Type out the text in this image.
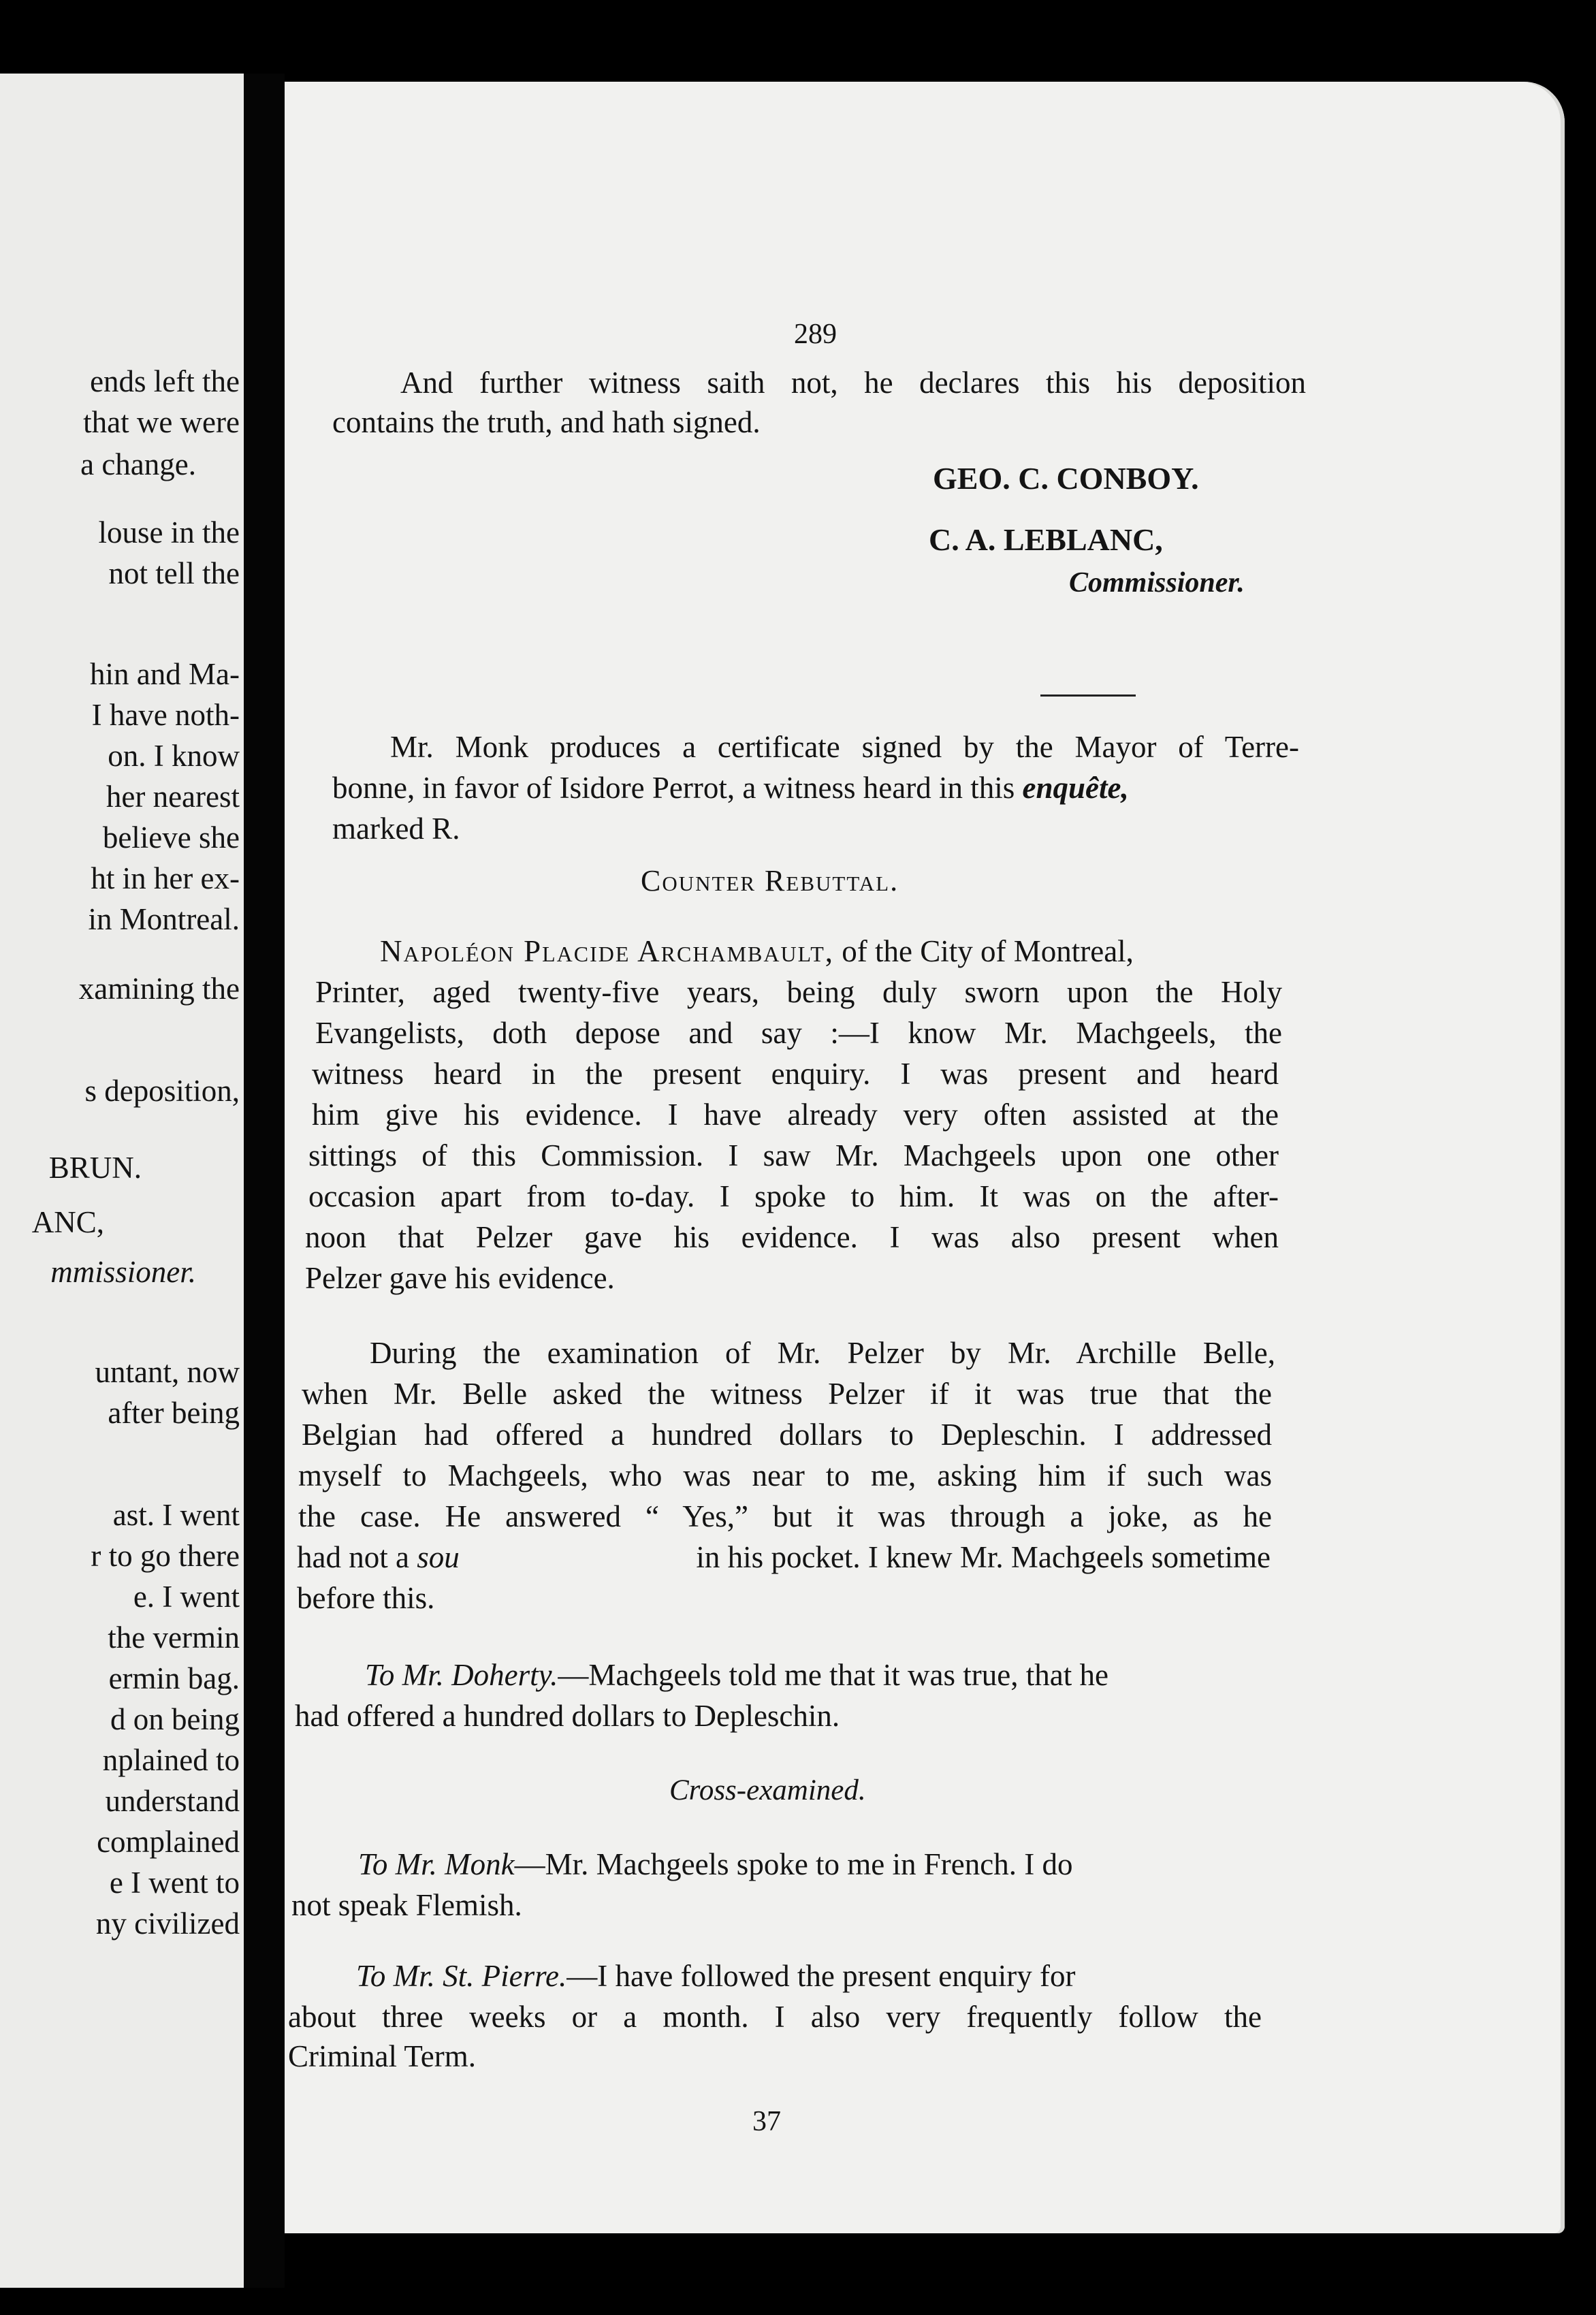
ends left the
that we were
a change.
louse in the
not tell the
hin and Ma-
I have noth-
on. I know
her nearest
believe she
ht in her ex-
in Montreal.
xamining the
s deposition,
BRUN.
ANC,
mmissioner.
untant, now
after being
ast. I went
r to go there
e. I went
the vermin
ermin bag.
d on being
nplained to
understand
complained
e I went to
ny civilized
289
And further witness saith not, he declares this his deposition
contains the truth, and hath signed.
GEO. C. CONBOY.
C. A. LEBLANC,
Commissioner.
Mr. Monk produces a certificate signed by the Mayor of Terre-
bonne, in favor of Isidore Perrot, a witness heard in this enquête,
marked R.
Counter Rebuttal.
Napoléon Placide Archambault, of the City of Montreal,
Printer, aged twenty-five years, being duly sworn upon the Holy
Evangelists, doth depose and say :—I know Mr. Machgeels, the
witness heard in the present enquiry. I was present and heard
him give his evidence. I have already very often assisted at the
sittings of this Commission. I saw Mr. Machgeels upon one other
occasion apart from to-day. I spoke to him. It was on the after-
noon that Pelzer gave his evidence. I was also present when
Pelzer gave his evidence.
During the examination of Mr. Pelzer by Mr. Archille Belle,
when Mr. Belle asked the witness Pelzer if it was true that the
Belgian had offered a hundred dollars to Depleschin. I addressed
myself to Machgeels, who was near to me, asking him if such was
the case. He answered “ Yes,” but it was through a joke, as he
had not a sou	in his pocket. I knew Mr. Machgeels sometime
before this.
To Mr. Doherty.—Machgeels told me that it was true, that he
had offered a hundred dollars to Depleschin.
Cross-examined.
To Mr. Monk—Mr. Machgeels spoke to me in French. I do
not speak Flemish.
To Mr. St. Pierre.—I have followed the present enquiry for
about three weeks or a month. I also very frequently follow the
Criminal Term.
37
